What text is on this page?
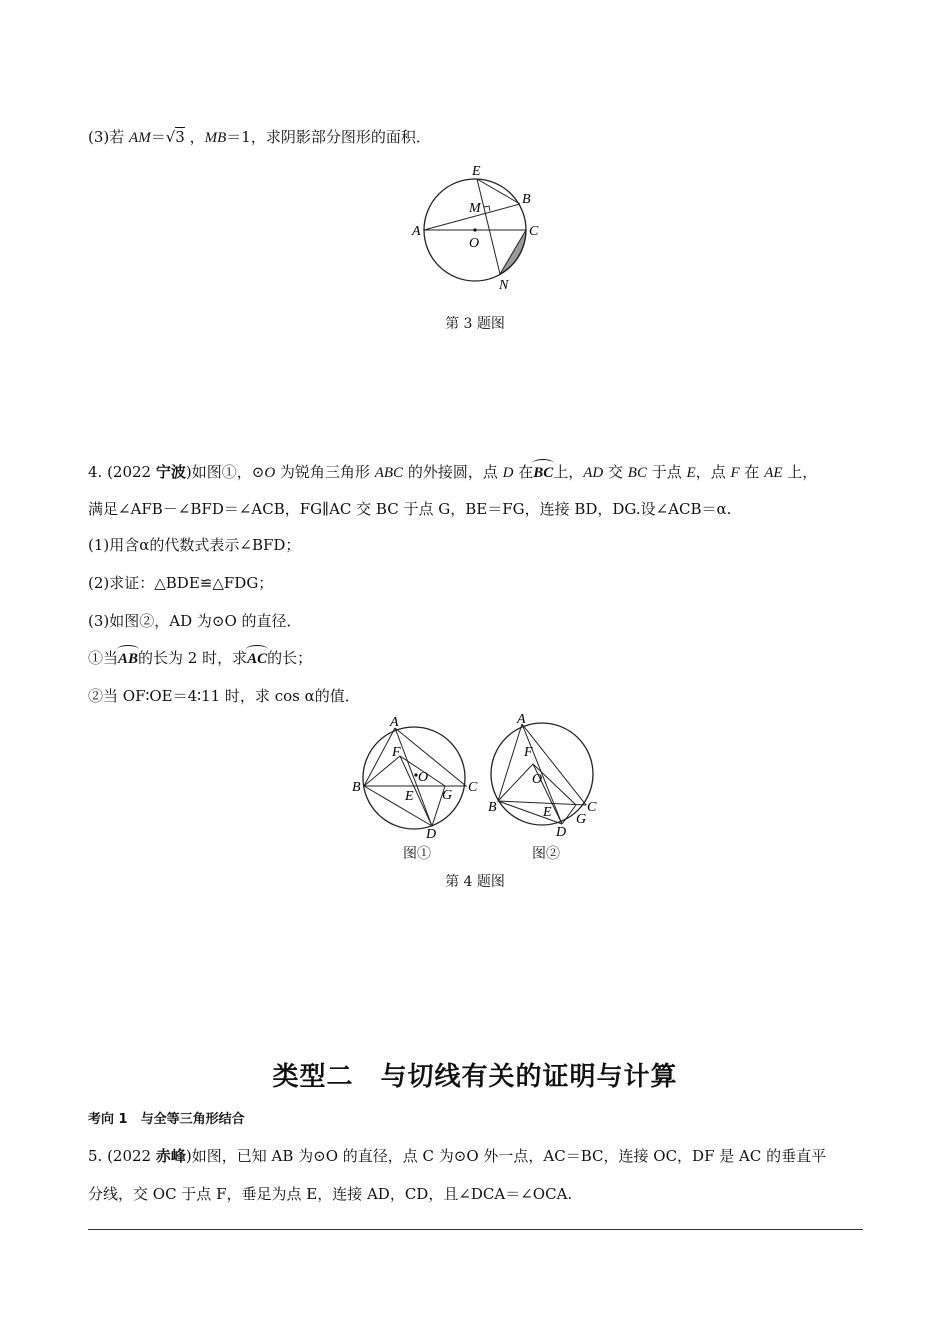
(3)若 AM＝√3 ，MB＝1，求阴影部分图形的面积．
E
B
M
A
O
C
N
第 3 题图
4. (2022 宁波)如图①，⊙O 为锐角三角形 ABC 的外接圆，点 D 在BC上，AD 交 BC 于点 E，点 F 在 AE 上，
满足∠AFB－∠BFD＝∠ACB，FG∥AC 交 BC 于点 G，BE＝FG，连接 BD，DG.设∠ACB＝α.
(1)用含α的代数式表示∠BFD；
(2)求证：△BDE≌△FDG；
(3)如图②，AD 为⊙O 的直径．
①当AB的长为 2 时，求AC的长；
②当 OF∶OE＝4∶11 时，求 cos α的值．
A
F
O
B	C
E G
D
A
F
O
B	E	C
D
G
图①	图②
第 4 题图
类型二　与切线有关的证明与计算
考向 1　与全等三角形结合
5. (2022 赤峰)如图，已知 AB 为⊙O 的直径，点 C 为⊙O 外一点，AC＝BC，连接 OC，DF 是 AC 的垂直平
分线，交 OC 于点 F，垂足为点 E，连接 AD，CD，且∠DCA＝∠OCA.
